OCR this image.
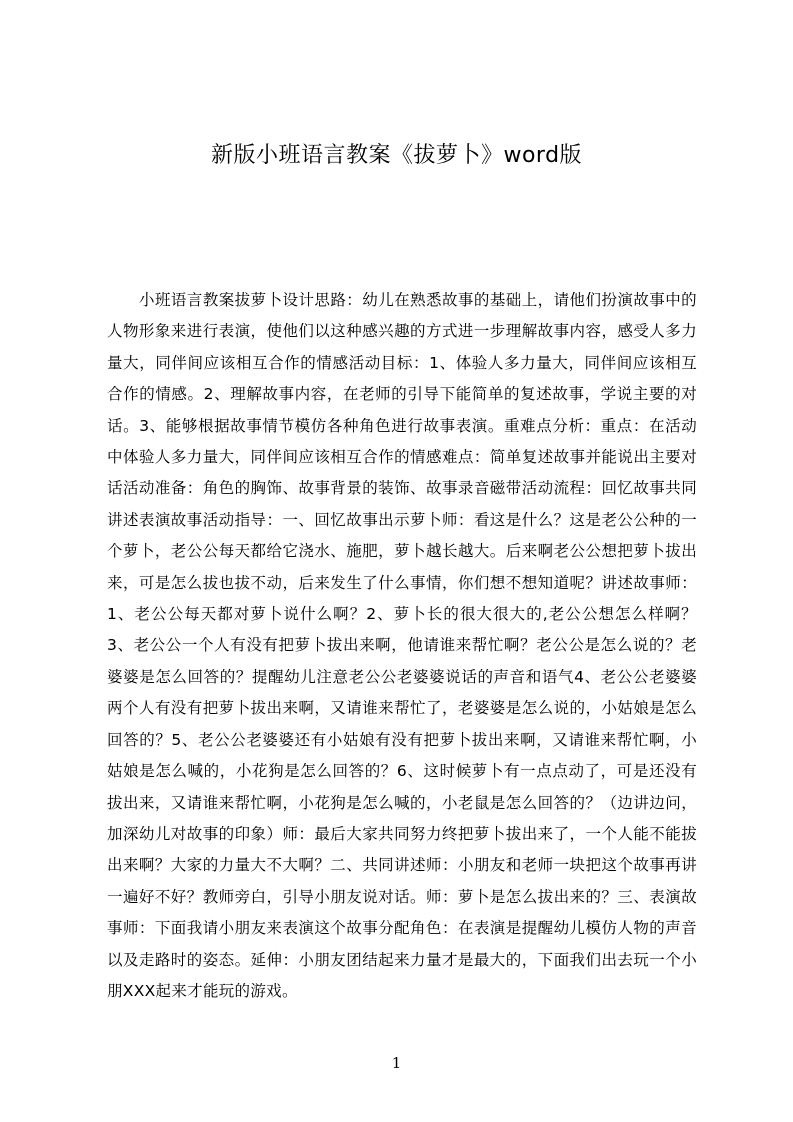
新版小班语言教案《拔萝卜》word版
小班语言教案拔萝卜设计思路：幼儿在熟悉故事的基础上，请他们扮演故事中的人物形象来进行表演，使他们以这种感兴趣的方式进一步理解故事内容，感受人多力量大，同伴间应该相互合作的情感活动目标：1、体验人多力量大，同伴间应该相互合作的情感。2、理解故事内容，在老师的引导下能简单的复述故事，学说主要的对话。3、能够根据故事情节模仿各种角色进行故事表演。重难点分析：重点：在活动中体验人多力量大，同伴间应该相互合作的情感难点：简单复述故事并能说出主要对话活动准备：角色的胸饰、故事背景的装饰、故事录音磁带活动流程：回忆故事共同讲述表演故事活动指导：一、回忆故事出示萝卜师：看这是什么？这是老公公种的一个萝卜，老公公每天都给它浇水、施肥，萝卜越长越大。后来啊老公公想把萝卜拔出来，可是怎么拔也拔不动，后来发生了什么事情，你们想不想知道呢？讲述故事师：1、老公公每天都对萝卜说什么啊？2、萝卜长的很大很大的,老公公想怎么样啊？ 3、老公公一个人有没有把萝卜拔出来啊，他请谁来帮忙啊？老公公是怎么说的？老婆婆是怎么回答的？提醒幼儿注意老公公老婆婆说话的声音和语气4、老公公老婆婆两个人有没有把萝卜拔出来啊，又请谁来帮忙了，老婆婆是怎么说的，小姑娘是怎么回答的？5、老公公老婆婆还有小姑娘有没有把萝卜拔出来啊，又请谁来帮忙啊，小姑娘是怎么喊的，小花狗是怎么回答的？6、这时候萝卜有一点点动了，可是还没有拔出来，又请谁来帮忙啊，小花狗是怎么喊的，小老鼠是怎么回答的？（边讲边问，加深幼儿对故事的印象）师：最后大家共同努力终把萝卜拔出来了，一个人能不能拔出来啊？大家的力量大不大啊？二、共同讲述师：小朋友和老师一块把这个故事再讲一遍好不好？教师旁白，引导小朋友说对话。师：萝卜是怎么拔出来的？三、表演故事师：下面我请小朋友来表演这个故事分配角色：在表演是提醒幼儿模仿人物的声音以及走路时的姿态。延伸：小朋友团结起来力量才是最大的，下面我们出去玩一个小朋XXX起来才能玩的游戏。
1
